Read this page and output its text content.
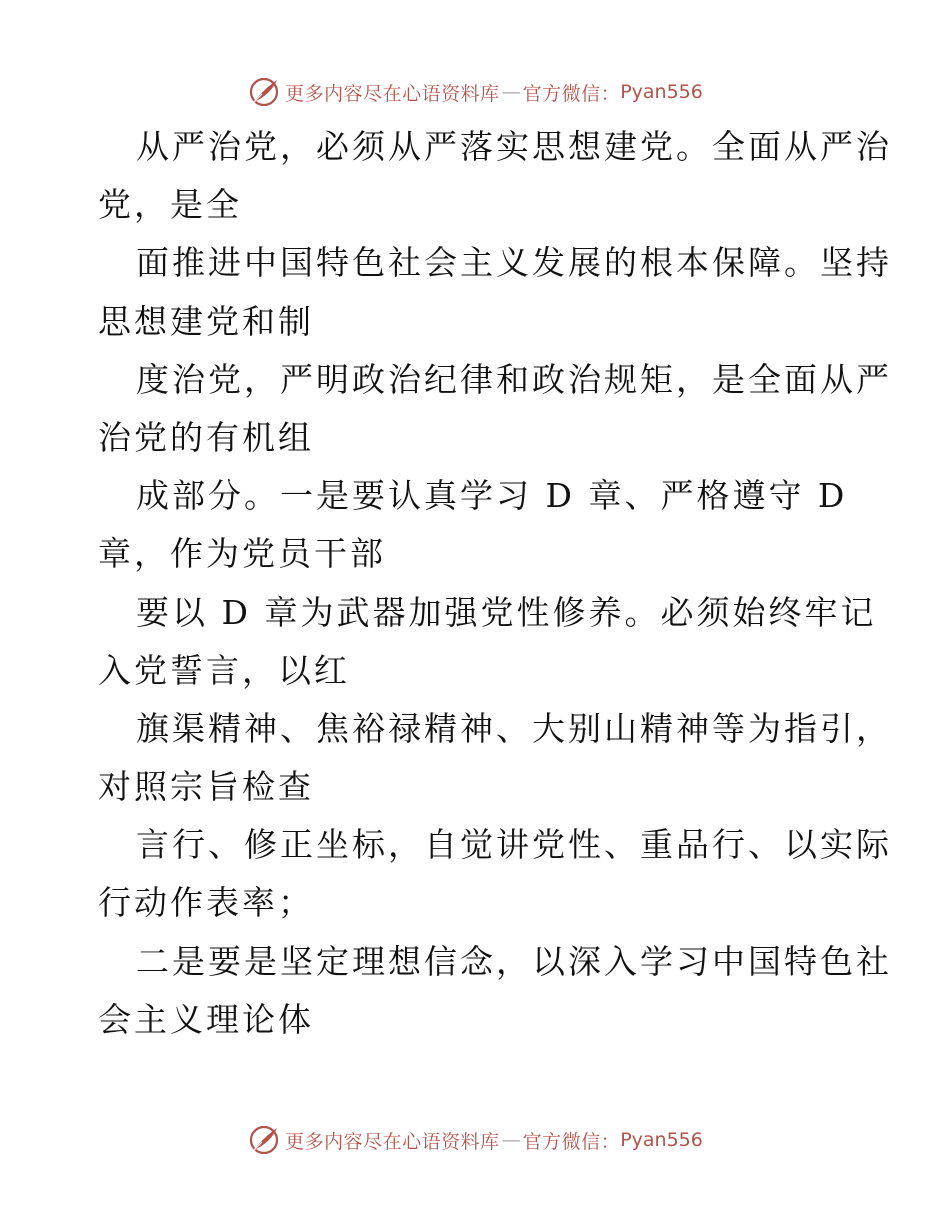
更多内容尽在心语资料库 — 官方微信： Pyan556
从严治党，必须从严落实思想建党。全面从严治
党，是全
面推进中国特色社会主义发展的根本保障。坚持
思想建党和制
度治党，严明政治纪律和政治规矩，是全面从严
治党的有机组
成部分。一是要认真学习 D 章、严格遵守 D
章，作为党员干部
要以 D 章为武器加强党性修养。必须始终牢记
入党誓言，以红
旗渠精神、焦裕禄精神、大别山精神等为指引，
对照宗旨检查
言行、修正坐标，自觉讲党性、重品行、以实际
行动作表率；
二是要是坚定理想信念，以深入学习中国特色社
会主义理论体
更多内容尽在心语资料库 — 官方微信： Pyan556
